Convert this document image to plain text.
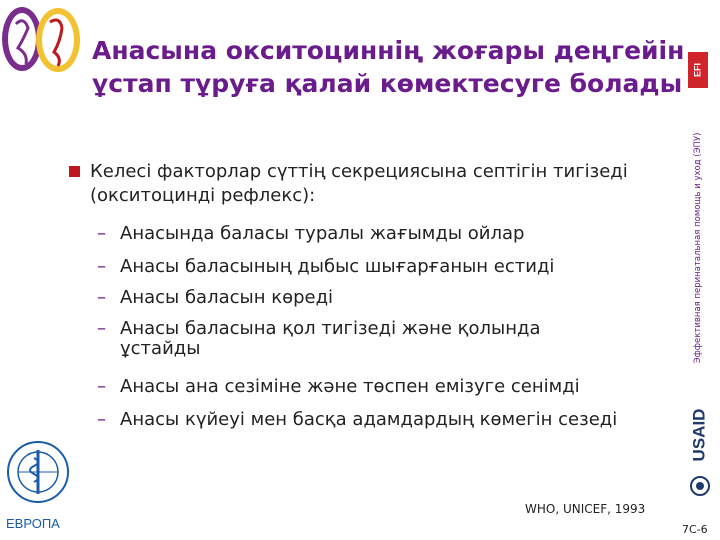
Анасына окситоциннің жоғары деңгейін
ұстап тұруға қалай көмектесуге болады	EFI
Эффективная перинатальная помощь и уход (ЭПУ)
Келесі факторлар сүттің секрециясына септігін тигізеді (окситоцинді рефлекс):
– Анасында баласы туралы жағымды ойлар
– Анасы баласының дыбыс шығарғанын естиді
– Анасы баласын көреді
– Анасы баласына қол тигізеді және қолында ұстайды
– Анасы ана сезіміне және төспен емізуге сенімді
– Анасы күйеуі мен басқа адамдардың көмегін сезеді	USAID
ЕВРОПА
WHO, UNICEF, 1993
7C-6
